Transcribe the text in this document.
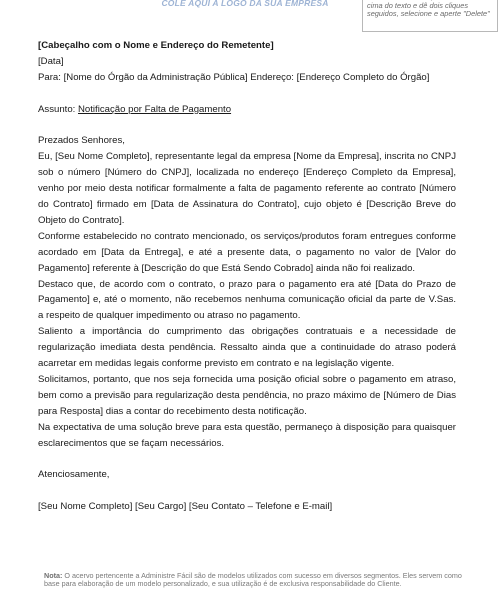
COLE AQUI A LOGO DA SUA EMPRESA	cima do texto e dê dois cliques seguidos, selecione e aperte "Delete"

[Cabeçalho com o Nome e Endereço do Remetente]

[Data]

Para: [Nome do Órgão da Administração Pública] Endereço: [Endereço Completo do Órgão]

Assunto: Notificação por Falta de Pagamento

Prezados Senhores,

Eu, [Seu Nome Completo], representante legal da empresa [Nome da Empresa], inscrita no CNPJ sob o número [Número do CNPJ], localizada no endereço [Endereço Completo da Empresa], venho por meio desta notificar formalmente a falta de pagamento referente ao contrato [Número do Contrato] firmado em [Data de Assinatura do Contrato], cujo objeto é [Descrição Breve do Objeto do Contrato].

Conforme estabelecido no contrato mencionado, os serviços/produtos foram entregues conforme acordado em [Data da Entrega], e até a presente data, o pagamento no valor de [Valor do Pagamento] referente à [Descrição do que Está Sendo Cobrado] ainda não foi realizado.

Destaco que, de acordo com o contrato, o prazo para o pagamento era até [Data do Prazo de Pagamento] e, até o momento, não recebemos nenhuma comunicação oficial da parte de V.Sas. a respeito de qualquer impedimento ou atraso no pagamento.

Saliento a importância do cumprimento das obrigações contratuais e a necessidade de regularização imediata desta pendência. Ressalto ainda que a continuidade do atraso poderá acarretar em medidas legais conforme previsto em contrato e na legislação vigente.

Solicitamos, portanto, que nos seja fornecida uma posição oficial sobre o pagamento em atraso, bem como a previsão para regularização desta pendência, no prazo máximo de [Número de Dias para Resposta] dias a contar do recebimento desta notificação.

Na expectativa de uma solução breve para esta questão, permaneço à disposição para quaisquer esclarecimentos que se façam necessários.

Atenciosamente,

[Seu Nome Completo] [Seu Cargo] [Seu Contato – Telefone e E-mail]

Nota: O acervo pertencente a Administre Fácil são de modelos utilizados com sucesso em diversos segmentos. Eles servem como base para elaboração de um modelo personalizado, e sua utilização é de exclusiva responsabilidade do Cliente.
